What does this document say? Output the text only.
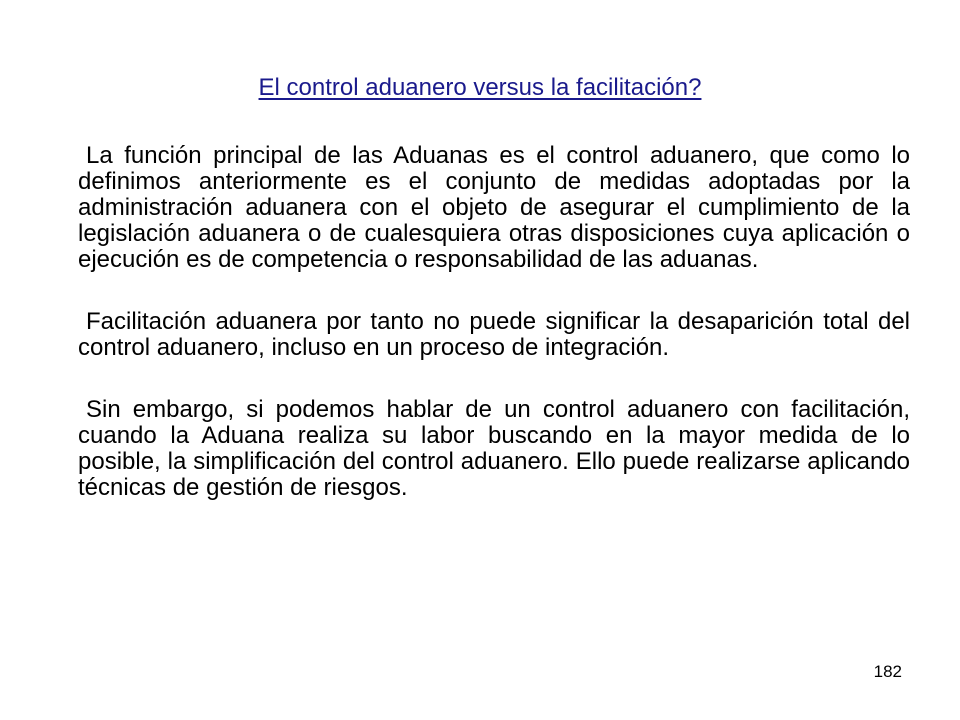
El control aduanero versus la facilitación?

La función principal de las Aduanas es el control aduanero, que como lo definimos anteriormente es el conjunto de medidas adoptadas por la administración aduanera con el objeto de asegurar el cumplimiento de la legislación aduanera o de cualesquiera otras disposiciones cuya aplicación o ejecución es de competencia o responsabilidad de las aduanas.

Facilitación aduanera por tanto no puede significar la desaparición total del control aduanero, incluso en un proceso de integración.

Sin embargo, si podemos hablar de un control aduanero con facilitación, cuando la Aduana realiza su labor buscando en la mayor medida de lo posible, la simplificación del control aduanero. Ello puede realizarse aplicando técnicas de gestión de riesgos.

182
